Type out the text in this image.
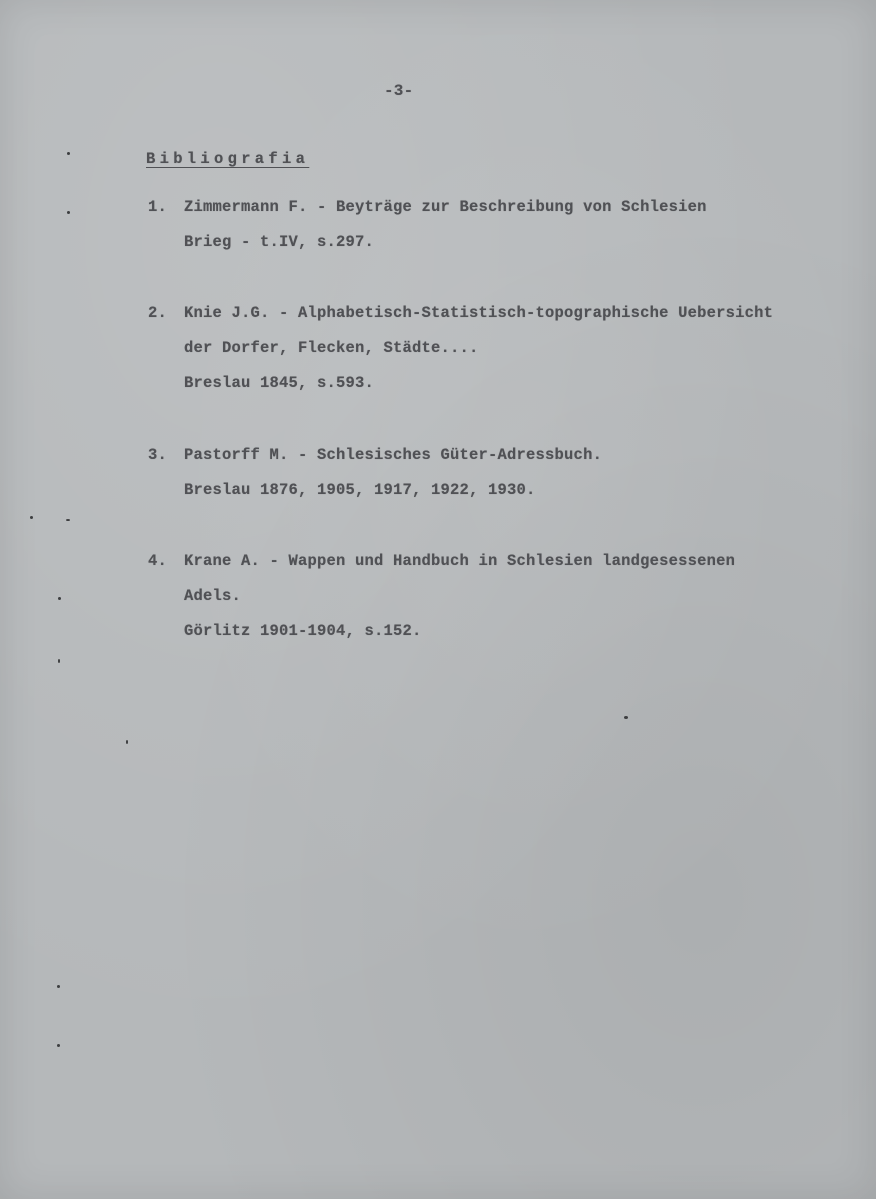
-3-
Bibliografia
1. Zimmermann F. - Beyträge zur Beschreibung von Schlesien
Brieg - t.IV, s.297.
2. Knie J.G. - Alphabetisch-Statistisch-topographische Uebersicht
der Dorfer, Flecken, Städte....
Breslau 1845, s.593.
3. Pastorff M. - Schlesisches Güter-Adressbuch.
Breslau 1876, 1905, 1917, 1922, 1930.
4. Krane A. - Wappen und Handbuch in Schlesien landgesessenen
Adels.
Görlitz 1901-1904, s.152.
